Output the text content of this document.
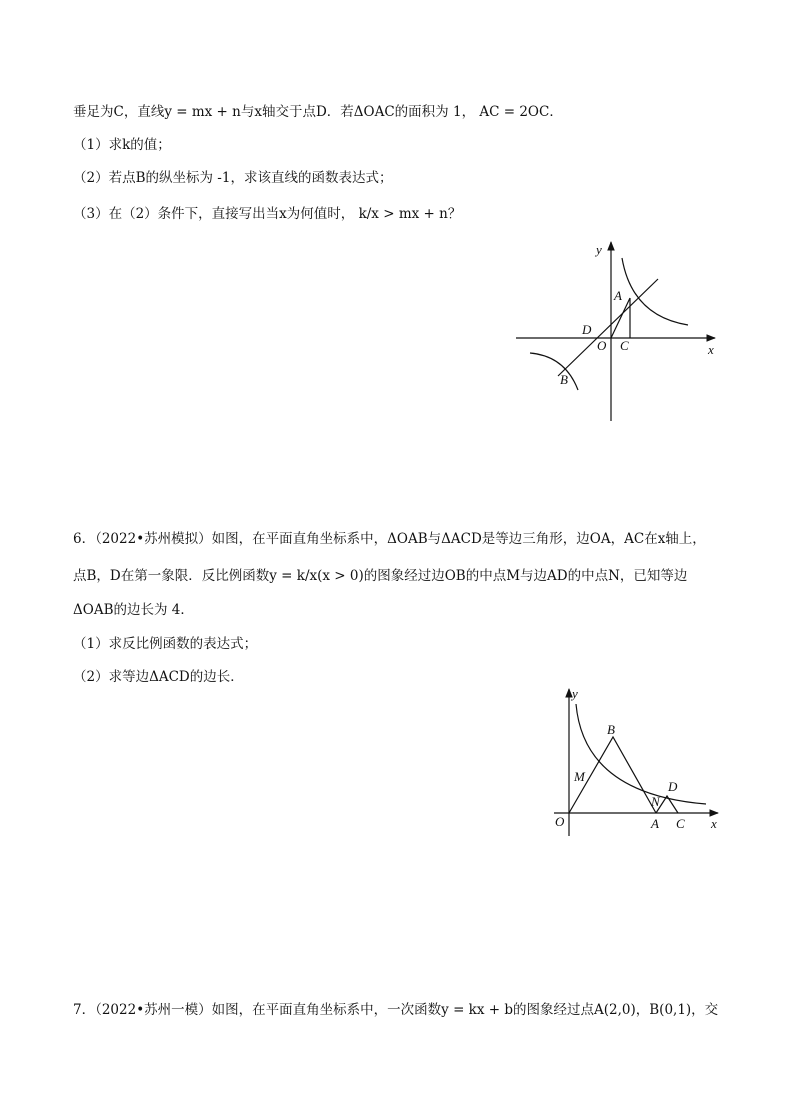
垂足为C，直线y = mx + n与x轴交于点D．若ΔOAC的面积为 1， AC = 2OC．
（1）求k的值；
（2）若点B的纵坐标为 -1，求该直线的函数表达式；
（3）在（2）条件下，直接写出当x为何值时， k/x > mx + n？
y
x
A
D
O C
B
6．（2022•苏州模拟）如图，在平面直角坐标系中，ΔOAB与ΔACD是等边三角形，边OA，AC在x轴上，
点B，D在第一象限．反比例函数y = k/x(x > 0)的图象经过边OB的中点M与边AD的中点N，已知等边
ΔOAB的边长为 4．
（1）求反比例函数的表达式；
（2）求等边ΔACD的边长．
y
x
B
M
N
D
O	A C
7．（2022•苏州一模）如图，在平面直角坐标系中，一次函数y = kx + b的图象经过点A(2,0)，B(0,1)，交
